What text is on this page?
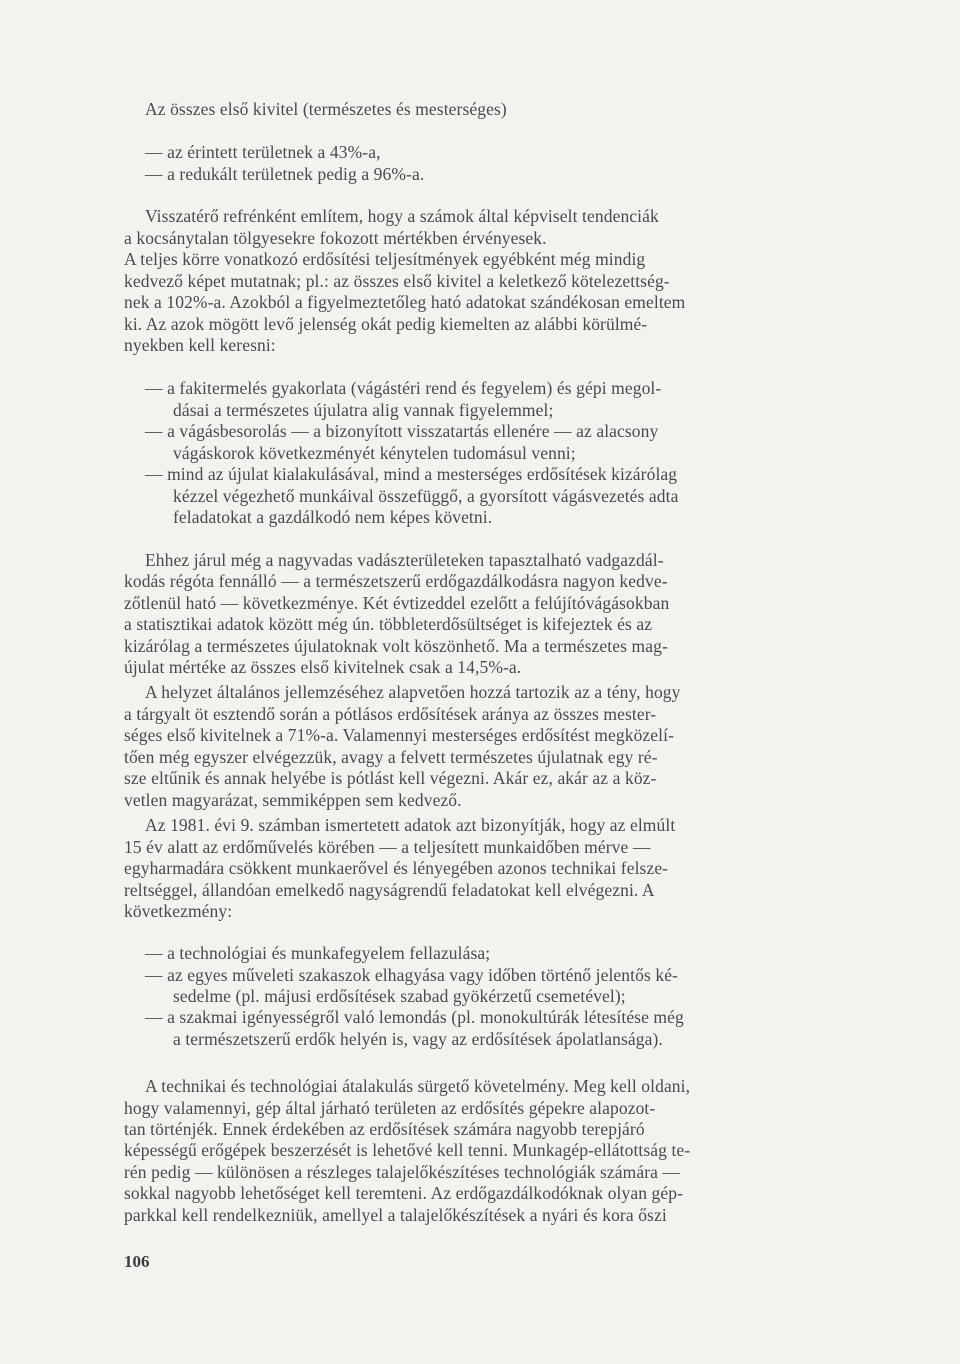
Az összes első kivitel (természetes és mesterséges)
— az érintett területnek a 43%-a,
— a redukált területnek pedig a 96%-a.
Visszatérő refrénként említem, hogy a számok által képviselt tendenciák
a kocsánytalan tölgyesekre fokozott mértékben érvényesek.
A teljes körre vonatkozó erdősítési teljesítmények egyébként még mindig
kedvező képet mutatnak; pl.: az összes első kivitel a keletkező kötelezettség-
nek a 102%-a. Azokból a figyelmeztetőleg ható adatokat szándékosan emeltem
ki. Az azok mögött levő jelenség okát pedig kiemelten az alábbi körülmé-
nyekben kell keresni:
— a fakitermelés gyakorlata (vágástéri rend és fegyelem) és gépi megol-
dásai a természetes újulatra alig vannak figyelemmel;
— a vágásbesorolás — a bizonyított visszatartás ellenére — az alacsony
vágáskorok következményét kénytelen tudomásul venni;
— mind az újulat kialakulásával, mind a mesterséges erdősítések kizárólag
kézzel végezhető munkáival összefüggő, a gyorsított vágásvezetés adta
feladatokat a gazdálkodó nem képes követni.
Ehhez járul még a nagyvadas vadászterületeken tapasztalható vadgazdál-
kodás régóta fennálló — a természetszerű erdőgazdálkodásra nagyon kedve-
zőtlenül ható — következménye. Két évtizeddel ezelőtt a felújítóvágásokban
a statisztikai adatok között még ún. többleterdősültséget is kifejeztek és az
kizárólag a természetes újulatoknak volt köszönhető. Ma a természetes mag-
újulat mértéke az összes első kivitelnek csak a 14,5%-a.
A helyzet általános jellemzéséhez alapvetően hozzá tartozik az a tény, hogy
a tárgyalt öt esztendő során a pótlásos erdősítések aránya az összes mester-
séges első kivitelnek a 71%-a. Valamennyi mesterséges erdősítést megközelí-
tően még egyszer elvégezzük, avagy a felvett természetes újulatnak egy ré-
sze eltűnik és annak helyébe is pótlást kell végezni. Akár ez, akár az a köz-
vetlen magyarázat, semmiképpen sem kedvező.
Az 1981. évi 9. számban ismertetett adatok azt bizonyítják, hogy az elmúlt
15 év alatt az erdőművelés körében — a teljesített munkaidőben mérve —
egyharmadára csökkent munkaerővel és lényegében azonos technikai felsze-
reltséggel, állandóan emelkedő nagyságrendű feladatokat kell elvégezni. A
következmény:
— a technológiai és munkafegyelem fellazulása;
— az egyes műveleti szakaszok elhagyása vagy időben történő jelentős ké-
sedelme (pl. májusi erdősítések szabad gyökérzetű csemetével);
— a szakmai igényességről való lemondás (pl. monokultúrák létesítése még
a természetszerű erdők helyén is, vagy az erdősítések ápolatlansága).
A technikai és technológiai átalakulás sürgető követelmény. Meg kell oldani,
hogy valamennyi, gép által járható területen az erdősítés gépekre alapozot-
tan történjék. Ennek érdekében az erdősítések számára nagyobb terepjáró
képességű erőgépek beszerzését is lehetővé kell tenni. Munkagép-ellátottság te-
rén pedig — különösen a részleges talajelőkészítéses technológiák számára —
sokkal nagyobb lehetőséget kell teremteni. Az erdőgazdálkodóknak olyan gép-
parkkal kell rendelkezniük, amellyel a talajelőkészítések a nyári és kora őszi
106
